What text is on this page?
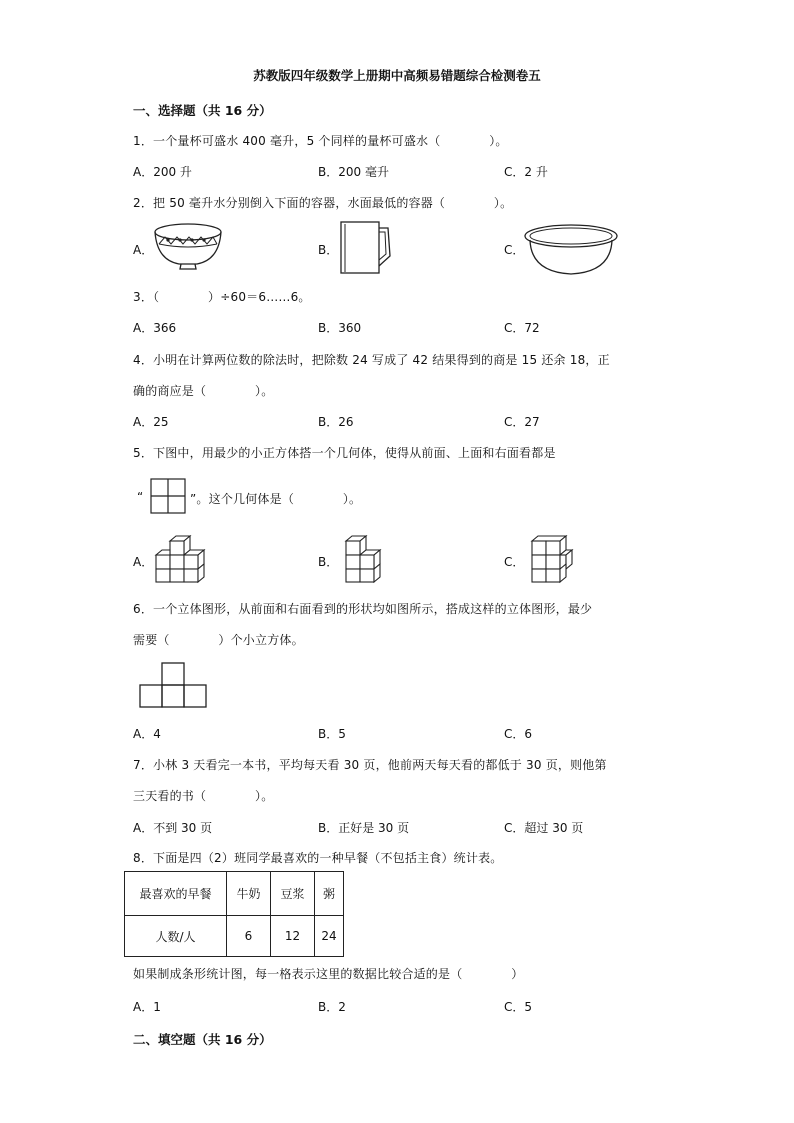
苏教版四年级数学上册期中高频易错题综合检测卷五
一、选择题（共 16 分）
1．一个量杯可盛水 400 毫升，5 个同样的量杯可盛水（　　　　）。
A．200 升	B．200 毫升	C．2 升
2．把 50 毫升水分别倒入下面的容器，水面最低的容器（　　　　）。
A．	B．	C．
3．（　　　　）÷60＝6……6。
A．366	B．360	C．72
4．小明在计算两位数的除法时，把除数 24 写成了 42 结果得到的商是 15 还余 18，正
确的商应是（　　　　）。
A．25	B．26	C．27
5．下图中，用最少的小正方体搭一个几何体，使得从前面、上面和右面看都是
“	”。这个几何体是（　　　　）。
A．	B．	C．
6．一个立体图形，从前面和右面看到的形状均如图所示，搭成这样的立体图形，最少
需要（　　　　）个小立方体。
A．4	B．5	C．6
7．小林 3 天看完一本书，平均每天看 30 页，他前两天每天看的都低于 30 页，则他第
三天看的书（　　　　）。
A．不到 30 页	B．正好是 30 页	C．超过 30 页
8．下面是四（2）班同学最喜欢的一种早餐（不包括主食）统计表。
最喜欢的早餐	牛奶	豆浆	粥
人数/人	6	12	24
如果制成条形统计图，每一格表示这里的数据比较合适的是（　　　　）
A．1	B．2	C．5
二、填空题（共 16 分）
